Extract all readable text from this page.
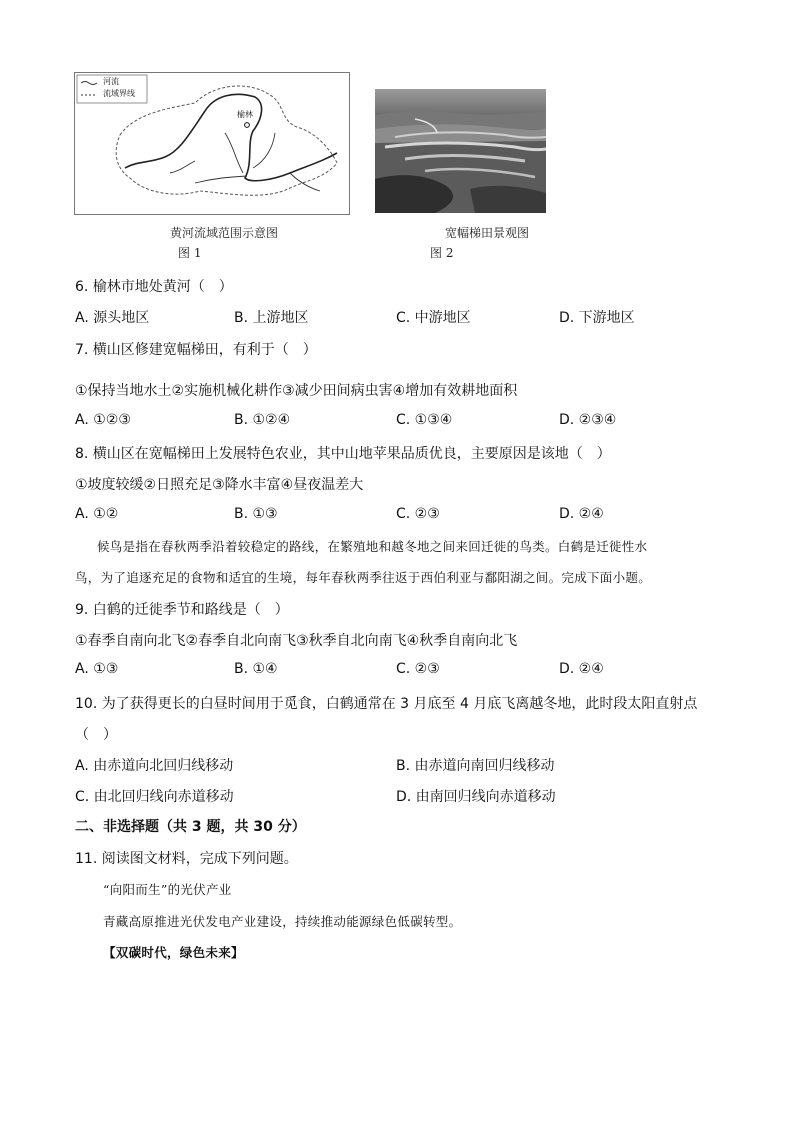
河流
流域界线
榆林
黄河流域范围示意图
图 1
宽幅梯田景观图
图 2
6. 榆林市地处黄河（　）
A. 源头地区	B. 上游地区	C. 中游地区	D. 下游地区
7. 横山区修建宽幅梯田，有利于（　）
①保持当地水土②实施机械化耕作③减少田间病虫害④增加有效耕地面积
A. ①②③	B. ①②④	C. ①③④	D. ②③④
8. 横山区在宽幅梯田上发展特色农业，其中山地苹果品质优良，主要原因是该地（　）
①坡度较缓②日照充足③降水丰富④昼夜温差大
A. ①②	B. ①③	C. ②③	D. ②④
候鸟是指在春秋两季沿着较稳定的路线，在繁殖地和越冬地之间来回迁徙的鸟类。白鹤是迁徙性水
鸟，为了追逐充足的食物和适宜的生境，每年春秋两季往返于西伯利亚与鄱阳湖之间。完成下面小题。
9. 白鹤的迁徙季节和路线是（　）
①春季自南向北飞②春季自北向南飞③秋季自北向南飞④秋季自南向北飞
A. ①③	B. ①④	C. ②③	D. ②④
10. 为了获得更长的白昼时间用于觅食，白鹤通常在 3 月底至 4 月底飞离越冬地，此时段太阳直射点
（　）
A. 由赤道向北回归线移动	B. 由赤道向南回归线移动
C. 由北回归线向赤道移动	D. 由南回归线向赤道移动
二、非选择题（共 3 题，共 30 分）
11. 阅读图文材料，完成下列问题。
“向阳而生”的光伏产业
青藏高原推进光伏发电产业建设，持续推动能源绿色低碳转型。
【双碳时代，绿色未来】
